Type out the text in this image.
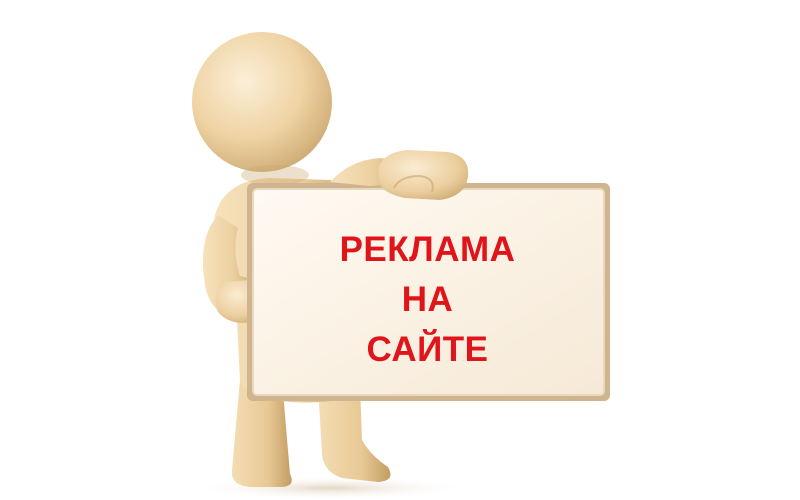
РЕКЛАМА
НА
САЙТЕ
